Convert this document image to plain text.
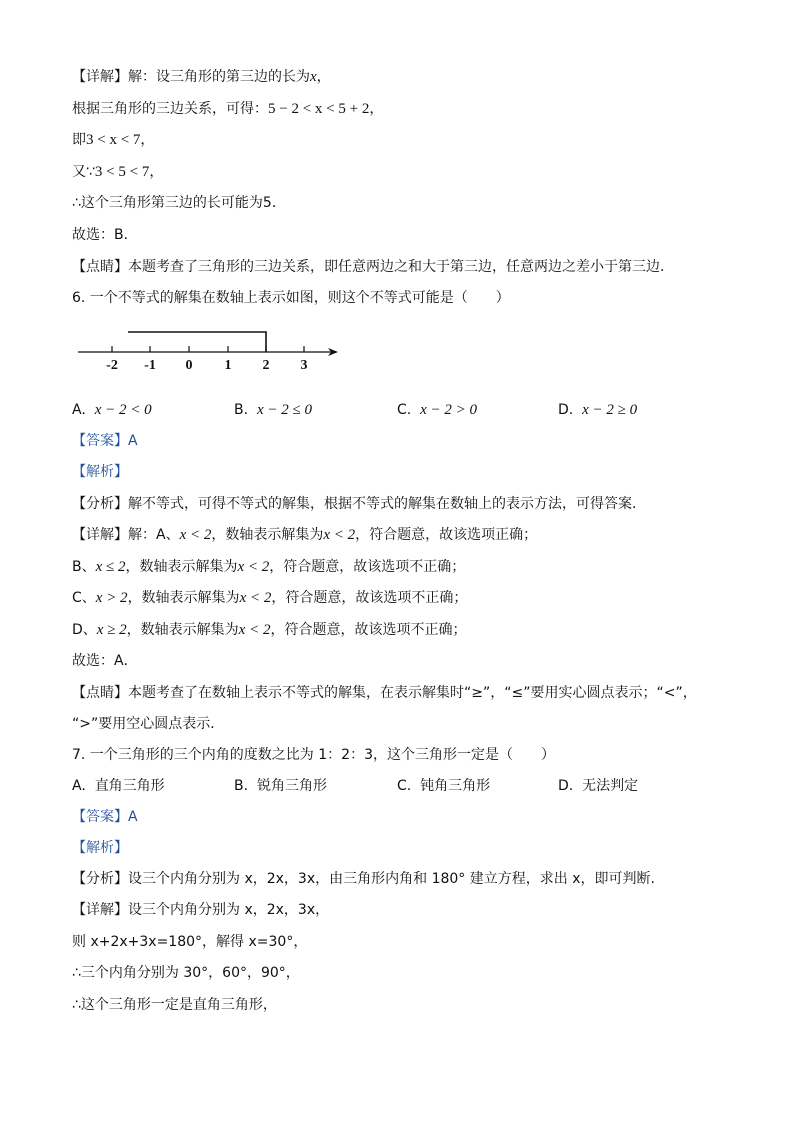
【详解】解：设三角形的第三边的长为x，
根据三角形的三边关系，可得：5 − 2 < x < 5 + 2，
即3 < x < 7，
又∵3 < 5 < 7，
∴这个三角形第三边的长可能为5．
故选：B．
【点睛】本题考查了三角形的三边关系，即任意两边之和大于第三边，任意两边之差小于第三边．
6. 一个不等式的解集在数轴上表示如图，则这个不等式可能是（　　）
-2 -1 0 1 2 3
A. x − 2 < 0	B. x − 2 ≤ 0	C. x − 2 > 0	D. x − 2 ≥ 0
【答案】A
【解析】
【分析】解不等式，可得不等式的解集，根据不等式的解集在数轴上的表示方法，可得答案．
【详解】解：A、x < 2，数轴表示解集为x < 2，符合题意，故该选项正确；
B、x ≤ 2，数轴表示解集为x < 2，符合题意，故该选项不正确；
C、x > 2，数轴表示解集为x < 2，符合题意，故该选项不正确；
D、x ≥ 2，数轴表示解集为x < 2，符合题意，故该选项不正确；
故选：A．
【点睛】本题考查了在数轴上表示不等式的解集，在表示解集时“≥”，“≤”要用实心圆点表示；“<”，
“>”要用空心圆点表示．
7. 一个三角形的三个内角的度数之比为 1：2：3，这个三角形一定是（　　）
A. 直角三角形	B. 锐角三角形	C. 钝角三角形	D. 无法判定
【答案】A
【解析】
【分析】设三个内角分别为 x，2x，3x，由三角形内角和 180° 建立方程，求出 x，即可判断.
【详解】设三个内角分别为 x，2x，3x，
则 x+2x+3x=180°，解得 x=30°，
∴三个内角分别为 30°，60°，90°，
∴这个三角形一定是直角三角形，
